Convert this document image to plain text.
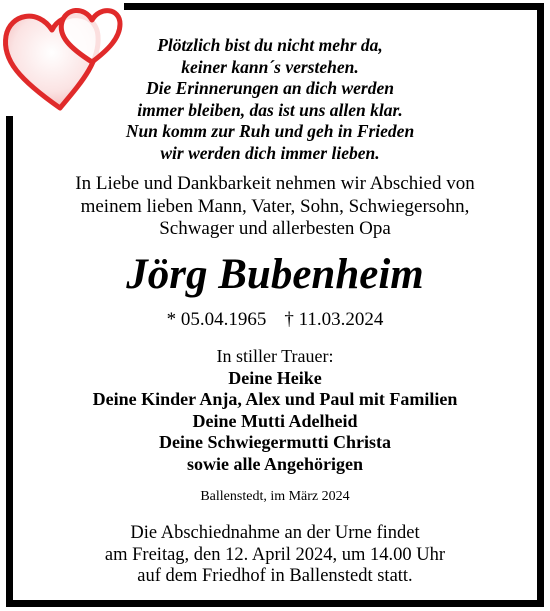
Plötzlich bist du nicht mehr da,
keiner kann´s verstehen.
Die Erinnerungen an dich werden
immer bleiben, das ist uns allen klar.
Nun komm zur Ruh und geh in Frieden
wir werden dich immer lieben.
In Liebe und Dankbarkeit nehmen wir Abschied von
meinem lieben Mann, Vater, Sohn, Schwiegersohn,
Schwager und allerbesten Opa
Jörg Bubenheim
* 05.04.1965 † 11.03.2024
In stiller Trauer:
Deine Heike
Deine Kinder Anja, Alex und Paul mit Familien
Deine Mutti Adelheid
Deine Schwiegermutti Christa
sowie alle Angehörigen
Ballenstedt, im März 2024
Die Abschiednahme an der Urne findet
am Freitag, den 12. April 2024, um 14.00 Uhr
auf dem Friedhof in Ballenstedt statt.
